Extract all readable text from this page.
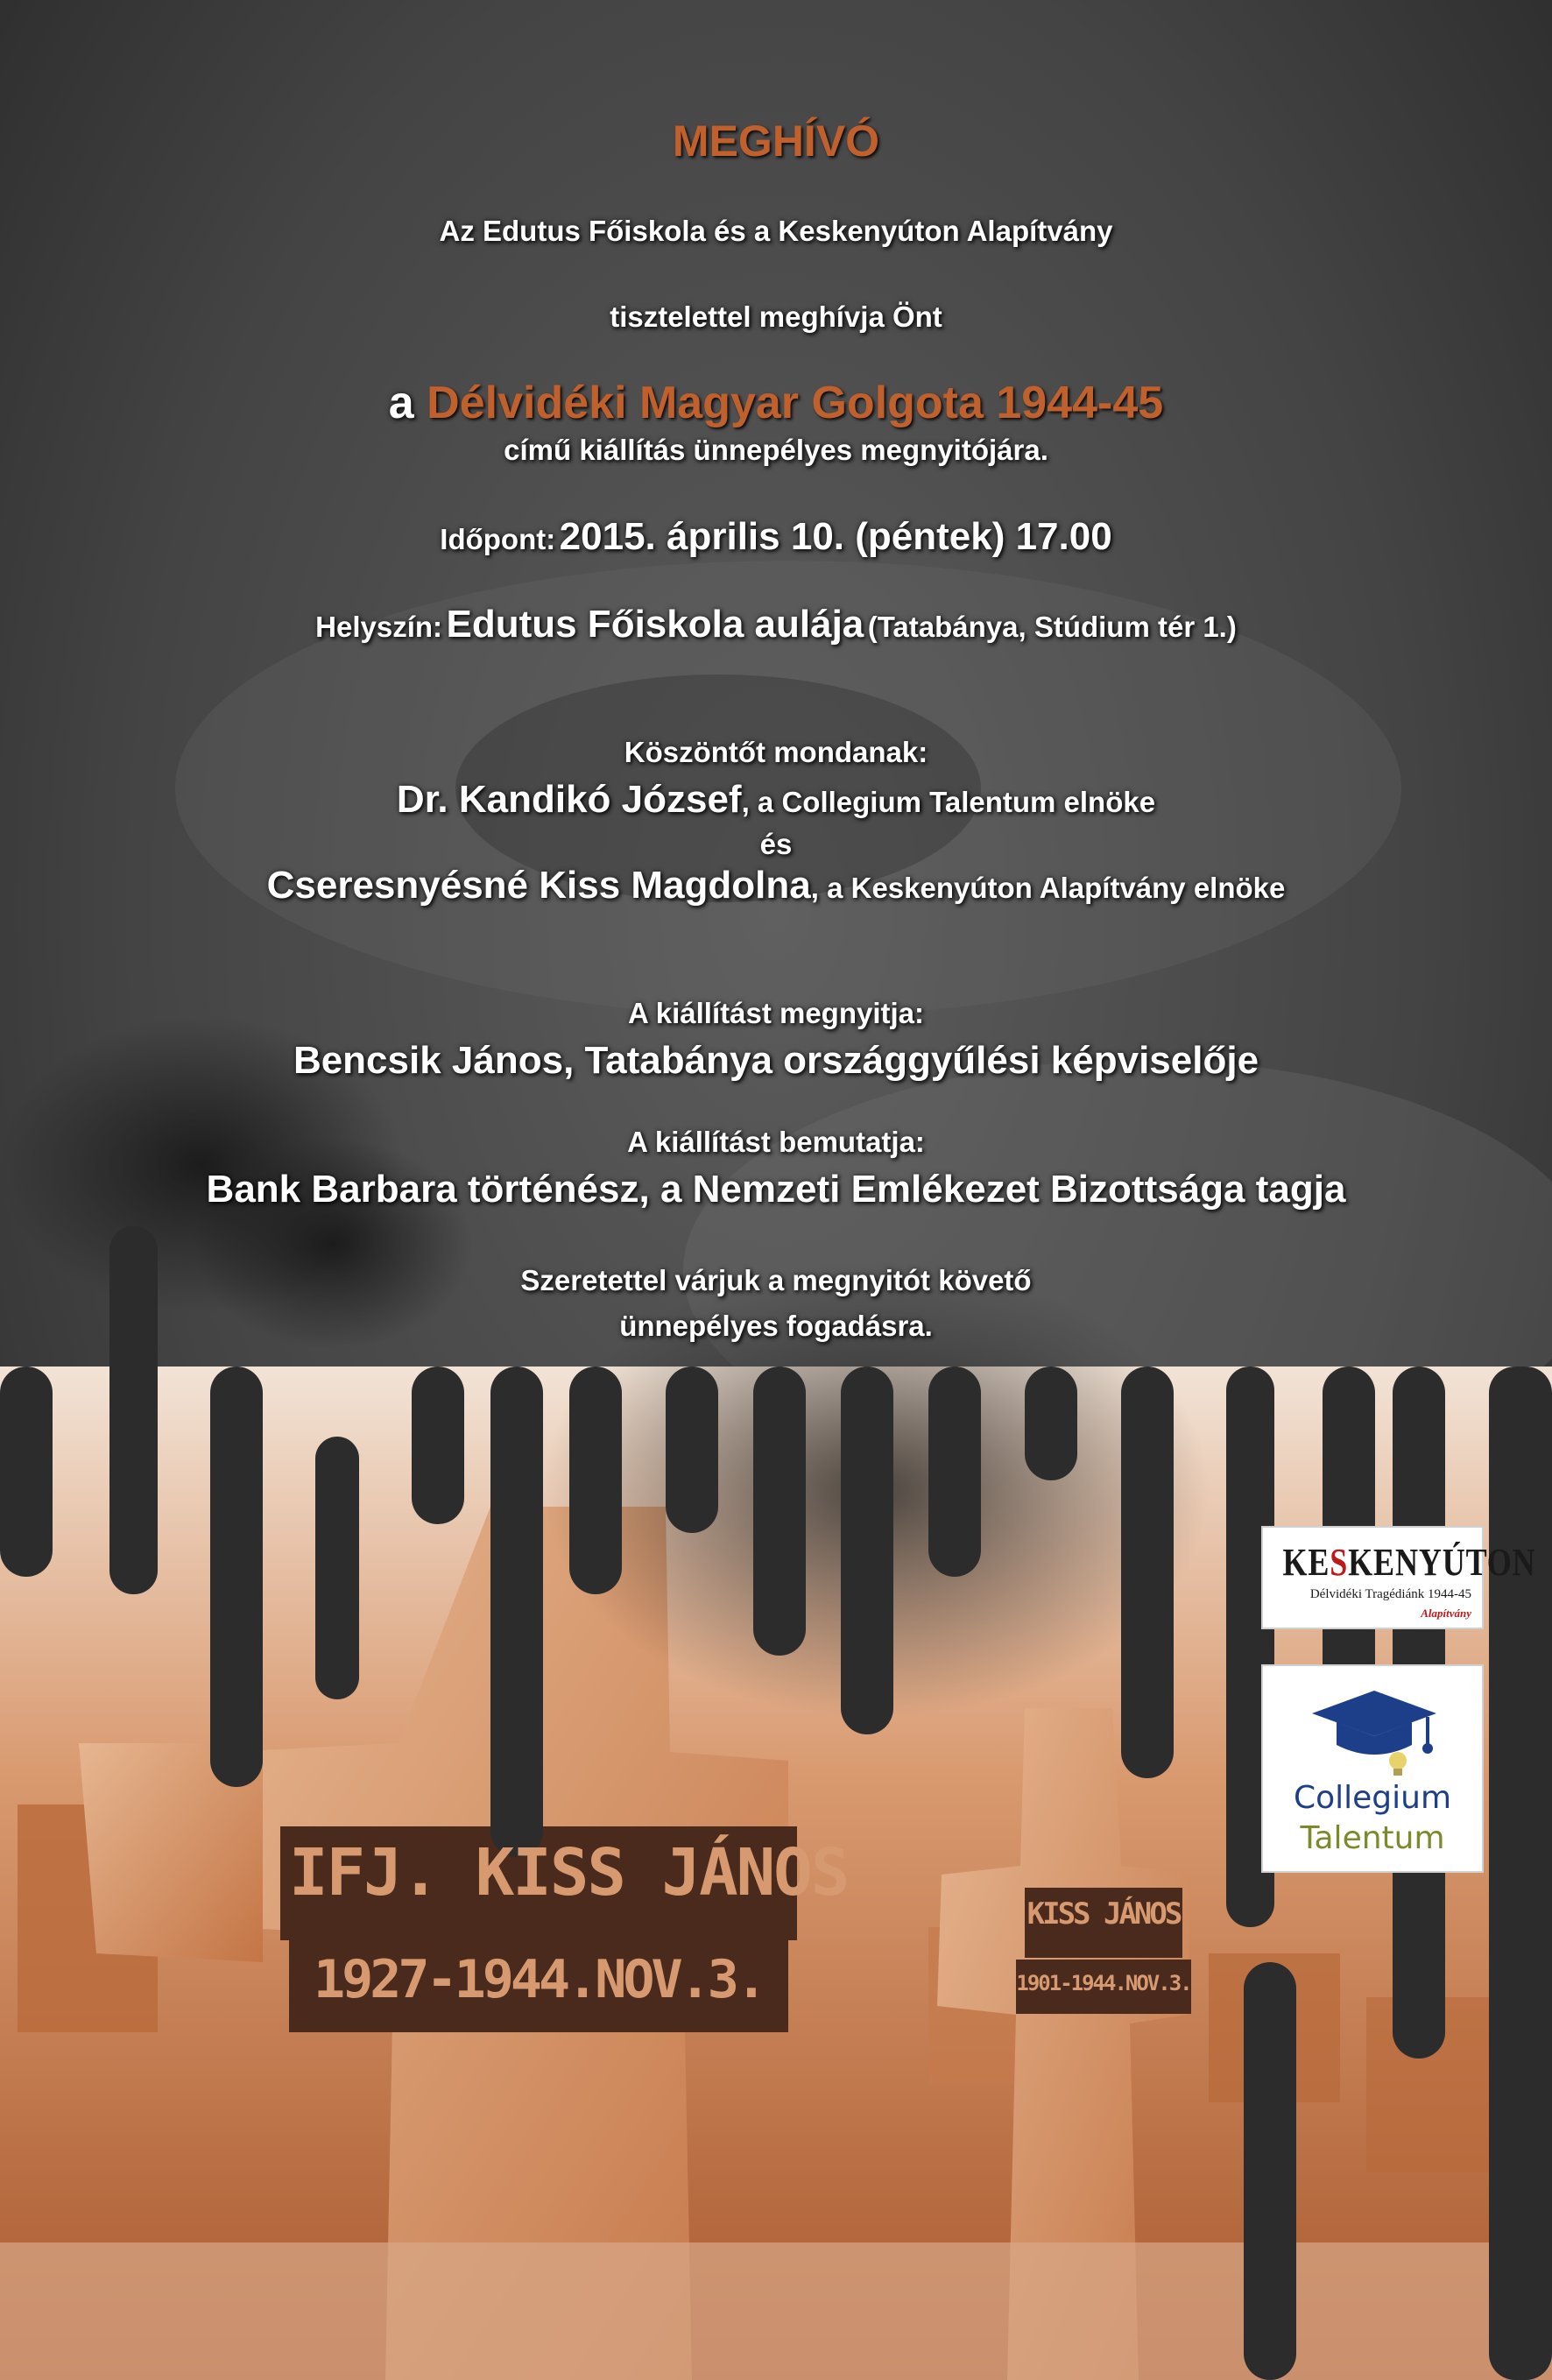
IFJ. KISS JÁNOS
1927-1944.NOV.3.
KISS JÁNOS
1901-1944.NOV.3.
MEGHÍVÓ
Az Edutus Főiskola és a Keskenyúton Alapítvány
tisztelettel meghívja Önt
a Délvidéki Magyar Golgota 1944-45
című kiállítás ünnepélyes megnyitójára.
Időpont: 2015. április 10. (péntek) 17.00
Helyszín: Edutus Főiskola aulája (Tatabánya, Stúdium tér 1.)
Köszöntőt mondanak:
Dr. Kandikó József, a Collegium Talentum elnöke
és
Cseresnyésné Kiss Magdolna, a Keskenyúton Alapítvány elnöke
A kiállítást megnyitja:
Bencsik János, Tatabánya országgyűlési képviselője
A kiállítást bemutatja:
Bank Barbara történész, a Nemzeti Emlékezet Bizottsága tagja
Szeretettel várjuk a megnyitót követő
ünnepélyes fogadásra.
KESKENYÚTON
Délvidéki Tragédiánk 1944-45
Alapítvány
Collegium
Talentum
